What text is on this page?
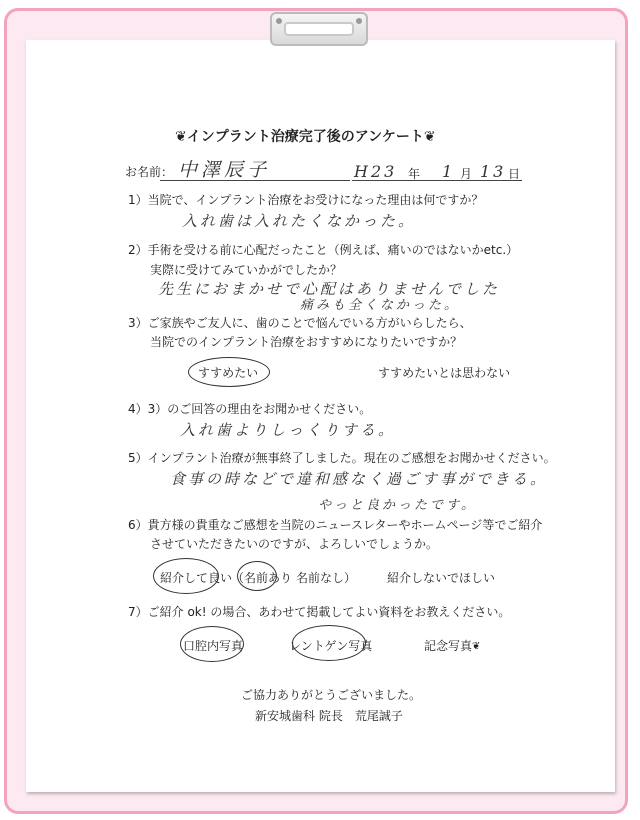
❦インプラント治療完了後のアンケート❦
お名前： 中澤辰子	H23 年 1 月 13 日
1）当院で、インプラント治療をお受けになった理由は何ですか？
入れ歯は入れたくなかった。
2）手術を受ける前に心配だったこと（例えば、痛いのではないかetc.）
実際に受けてみていかがでしたか？
先生におまかせで心配はありませんでした
痛みも全くなかった。
3）ご家族やご友人に、歯のことで悩んでいる方がいらしたら、
当院でのインプラント治療をおすすめになりたいですか？
すすめたい	すすめたいとは思わない
4）3）のご回答の理由をお聞かせください。
入れ歯よりしっくりする。
5）インプラント治療が無事終了しました。現在のご感想をお聞かせください。
食事の時などで違和感なく過ごす事ができる。
やっと良かったです。
6）貴方様の貴重なご感想を当院のニュースレターやホームページ等でご紹介
させていただきたいのですが、よろしいでしょうか。
紹介して良い （名前あり 名前なし）	紹介しないでほしい
7）ご紹介 ok! の場合、あわせて掲載してよい資料をお教えください。
口腔内写真	レントゲン写真	記念写真 ❦
ご協力ありがとうございました。
新安城歯科 院長　荒尾誠子
